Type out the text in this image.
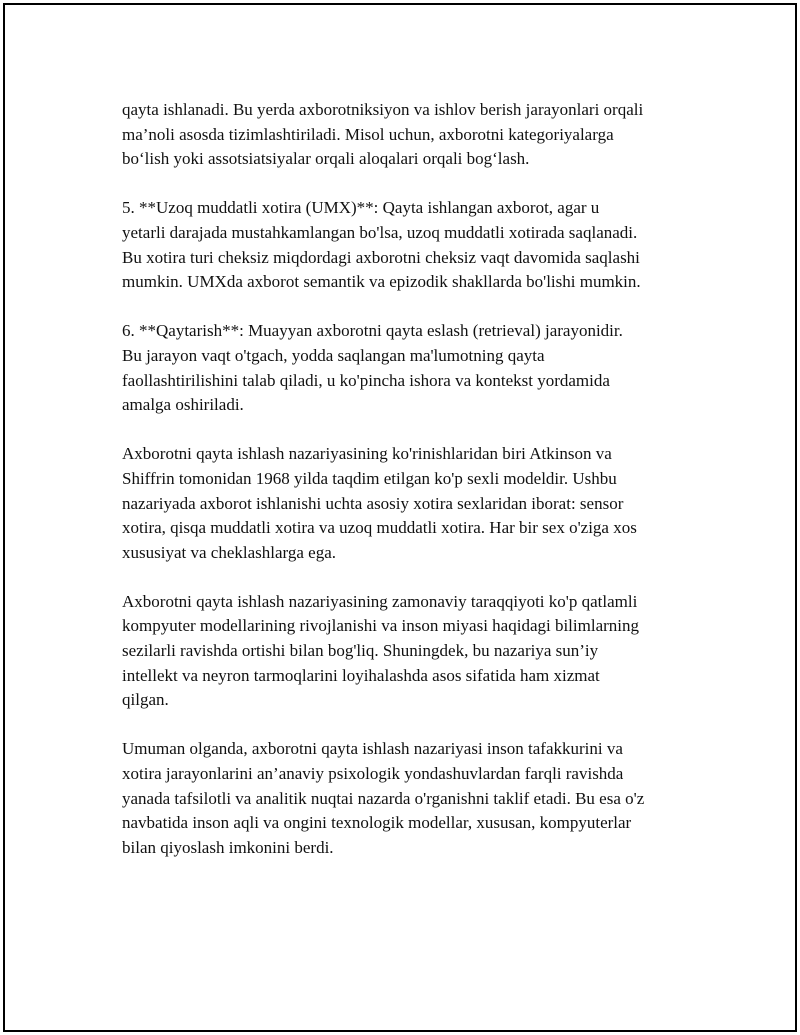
qayta ishlanadi. Bu yerda axborotniksiyon va ishlov berish jarayonlari orqali
ma’noli asosda tizimlashtiriladi. Misol uchun, axborotni kategoriyalarga
bo‘lish yoki assotsiatsiyalar orqali aloqalari orqali bog‘lash.

5. **Uzoq muddatli xotira (UMX)**: Qayta ishlangan axborot, agar u
yetarli darajada mustahkamlangan bo'lsa, uzoq muddatli xotirada saqlanadi.
Bu xotira turi cheksiz miqdordagi axborotni cheksiz vaqt davomida saqlashi
mumkin. UMXda axborot semantik va epizodik shakllarda bo'lishi mumkin.

6. **Qaytarish**: Muayyan axborotni qayta eslash (retrieval) jarayonidir.
Bu jarayon vaqt o'tgach, yodda saqlangan ma'lumotning qayta
faollashtirilishini talab qiladi, u ko'pincha ishora va kontekst yordamida
amalga oshiriladi.

Axborotni qayta ishlash nazariyasining ko'rinishlaridan biri Atkinson va
Shiffrin tomonidan 1968 yilda taqdim etilgan ko'p sexli modeldir. Ushbu
nazariyada axborot ishlanishi uchta asosiy xotira sexlaridan iborat: sensor
xotira, qisqa muddatli xotira va uzoq muddatli xotira. Har bir sex o'ziga xos
xususiyat va cheklashlarga ega.

Axborotni qayta ishlash nazariyasining zamonaviy taraqqiyoti ko'p qatlamli
kompyuter modellarining rivojlanishi va inson miyasi haqidagi bilimlarning
sezilarli ravishda ortishi bilan bog'liq. Shuningdek, bu nazariya sun’iy
intellekt va neyron tarmoqlarini loyihalashda asos sifatida ham xizmat
qilgan.

Umuman olganda, axborotni qayta ishlash nazariyasi inson tafakkurini va
xotira jarayonlarini an’anaviy psixologik yondashuvlardan farqli ravishda
yanada tafsilotli va analitik nuqtai nazarda o'rganishni taklif etadi. Bu esa o'z
navbatida inson aqli va ongini texnologik modellar, xususan, kompyuterlar
bilan qiyoslash imkonini berdi.
